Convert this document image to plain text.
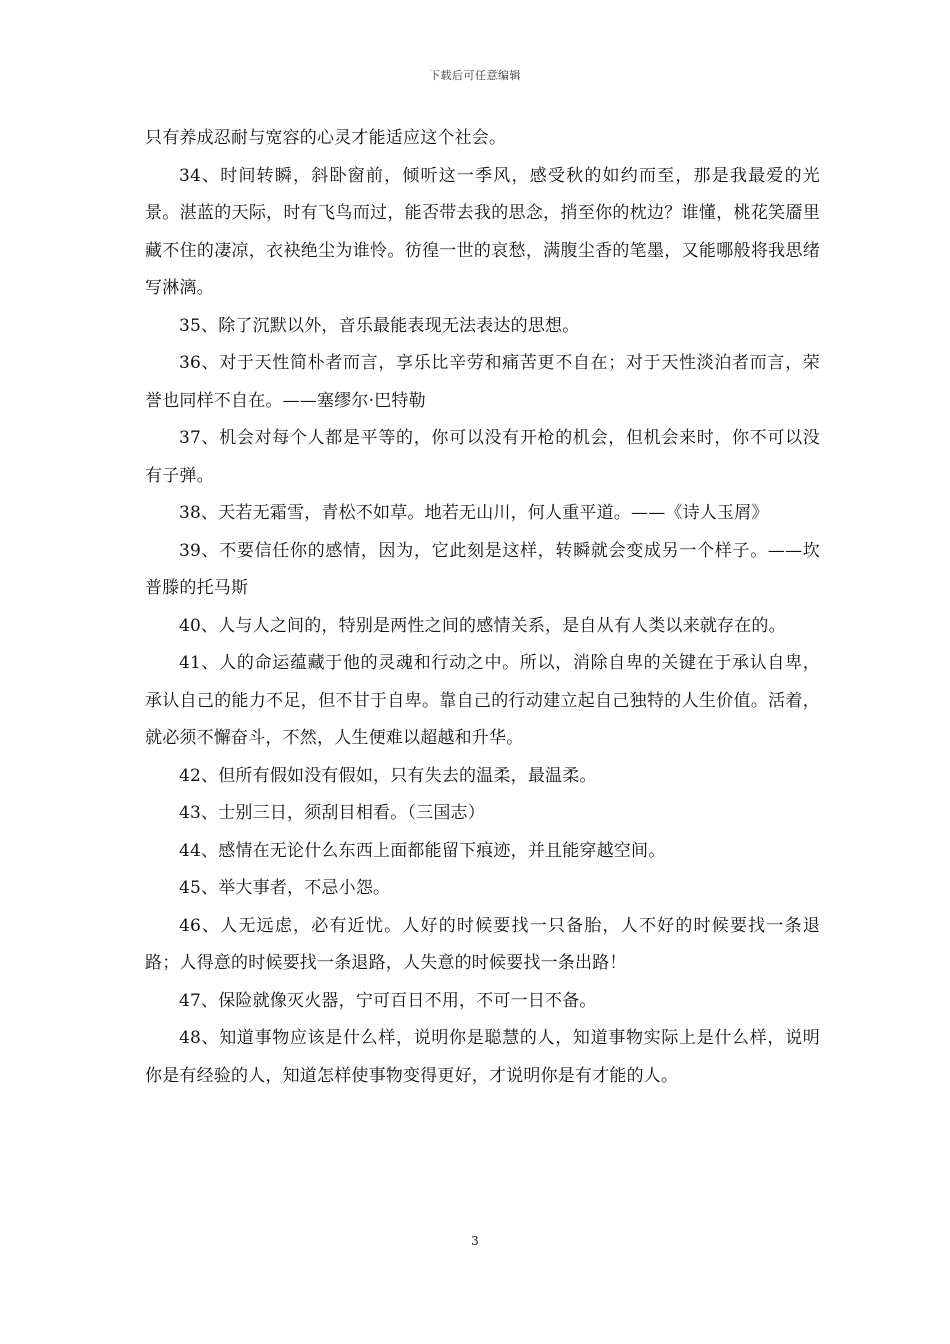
下载后可任意编辑

只有养成忍耐与宽容的心灵才能适应这个社会。

34、时间转瞬，斜卧窗前，倾听这一季风，感受秋的如约而至，那是我最爱的光景。湛蓝的天际，时有飞鸟而过，能否带去我的思念，捎至你的枕边？谁懂，桃花笑靥里藏不住的凄凉，衣袂绝尘为谁怜。彷徨一世的哀愁，满腹尘香的笔墨，又能哪般将我思绪写淋漓。

35、除了沉默以外，音乐最能表现无法表达的思想。

36、对于天性简朴者而言，享乐比辛劳和痛苦更不自在；对于天性淡泊者而言，荣誉也同样不自在。——塞缪尔·巴特勒

37、机会对每个人都是平等的，你可以没有开枪的机会，但机会来时，你不可以没有子弹。

38、天若无霜雪，青松不如草。地若无山川，何人重平道。——《诗人玉屑》

39、不要信任你的感情，因为，它此刻是这样，转瞬就会变成另一个样子。——坎普滕的托马斯

40、人与人之间的，特别是两性之间的感情关系，是自从有人类以来就存在的。

41、人的命运蕴藏于他的灵魂和行动之中。所以，消除自卑的关键在于承认自卑，承认自己的能力不足，但不甘于自卑。靠自己的行动建立起自己独特的人生价值。活着，就必须不懈奋斗，不然，人生便难以超越和升华。

42、但所有假如没有假如，只有失去的温柔，最温柔。

43、士别三日，须刮目相看。（三国志）

44、感情在无论什么东西上面都能留下痕迹，并且能穿越空间。

45、举大事者，不忌小怨。

46、人无远虑，必有近忧。人好的时候要找一只备胎，人不好的时候要找一条退路；人得意的时候要找一条退路，人失意的时候要找一条出路！

47、保险就像灭火器，宁可百日不用，不可一日不备。

48、知道事物应该是什么样，说明你是聪慧的人，知道事物实际上是什么样，说明你是有经验的人，知道怎样使事物变得更好，才说明你是有才能的人。

3
